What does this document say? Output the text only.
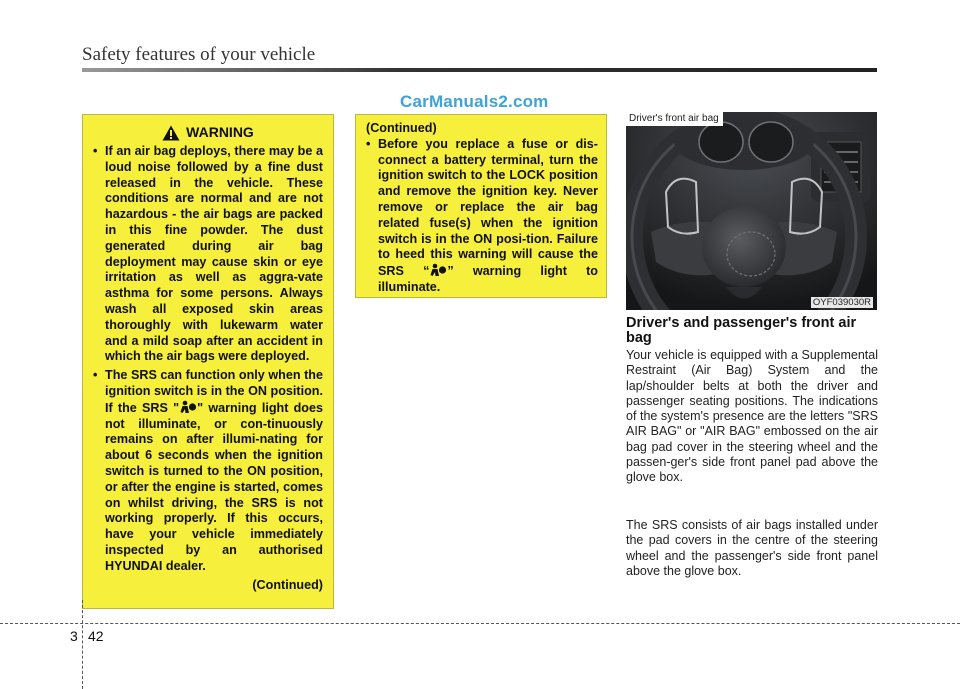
Safety features of your vehicle
CarManuals2.com
WARNING
• If an air bag deploys, there may be a loud noise followed by a fine dust released in the vehicle. These conditions are normal and are not hazardous - the air bags are packed in this fine powder. The dust generated during air bag deployment may cause skin or eye irritation as well as aggra-vate asthma for some persons. Always wash all exposed skin areas thoroughly with lukewarm water and a mild soap after an accident in which the air bags were deployed.
• The SRS can function only when the ignition switch is in the ON position. If the SRS " " warning light does not illuminate, or con-tinuously remains on after illumi-nating for about 6 seconds when the ignition switch is turned to the ON position, or after the engine is started, comes on whilst driving, the SRS is not working properly. If this occurs, have your vehicle immediately inspected by an authorised HYUNDAI dealer.
(Continued)
(Continued)
• Before you replace a fuse or dis-connect a battery terminal, turn the ignition switch to the LOCK position and remove the ignition key. Never remove or replace the air bag related fuse(s) when the ignition switch is in the ON posi-tion. Failure to heed this warning will cause the SRS “ ” warning light to illuminate.
Driver's front air bag
OYF039030R
Driver's and passenger's front air bag
Your vehicle is equipped with a Supplemental Restraint (Air Bag) System and the lap/shoulder belts at both the driver and passenger seating positions. The indications of the system's presence are the letters "SRS AIR BAG" or "AIR BAG" embossed on the air bag pad cover in the steering wheel and the passen-ger's side front panel pad above the glove box.
The SRS consists of air bags installed under the pad covers in the centre of the steering wheel and the passenger's side front panel above the glove box.
3 42
